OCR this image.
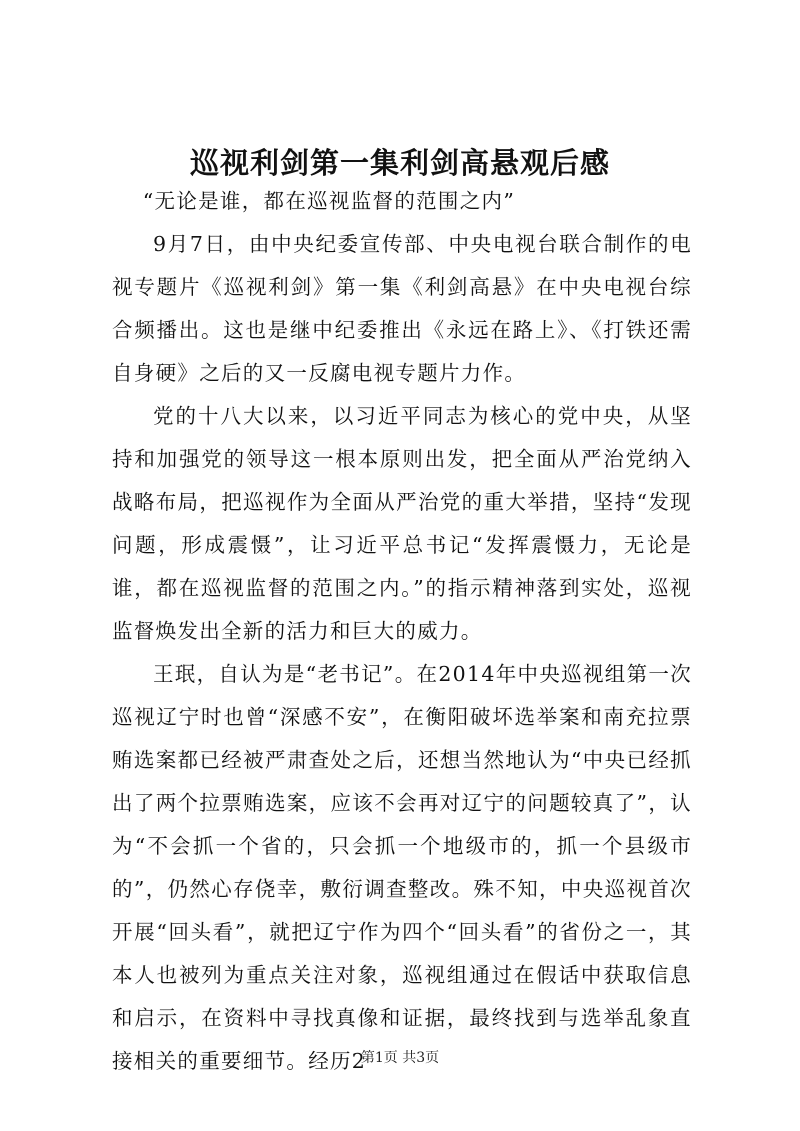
巡视利剑第一集利剑高悬观后感

“无论是谁，都在巡视监督的范围之内”

9月7日，由中央纪委宣传部、中央电视台联合制作的电视专题片《巡视利剑》第一集《利剑高悬》在中央电视台综合频播出。这也是继中纪委推出《永远在路上》、《打铁还需自身硬》之后的又一反腐电视专题片力作。

党的十八大以来，以习近平同志为核心的党中央，从坚持和加强党的领导这一根本原则出发，把全面从严治党纳入战略布局，把巡视作为全面从严治党的重大举措，坚持“发现问题，形成震慑”，让习近平总书记“发挥震慑力，无论是谁，都在巡视监督的范围之内。”的指示精神落到实处，巡视监督焕发出全新的活力和巨大的威力。

王珉，自认为是“老书记”。在2014年中央巡视组第一次巡视辽宁时也曾“深感不安”，在衡阳破坏选举案和南充拉票贿选案都已经被严肃查处之后，还想当然地认为“中央已经抓出了两个拉票贿选案，应该不会再对辽宁的问题较真了”，认为“不会抓一个省的，只会抓一个地级市的，抓一个县级市的”，仍然心存侥幸，敷衍调查整改。殊不知，中央巡视首次开展“回头看”，就把辽宁作为四个“回头看”的省份之一，其本人也被列为重点关注对象，巡视组通过在假话中获取信息和启示，在资料中寻找真像和证据，最终找到与选举乱象直接相关的重要细节。经历2

第1页 共3页
